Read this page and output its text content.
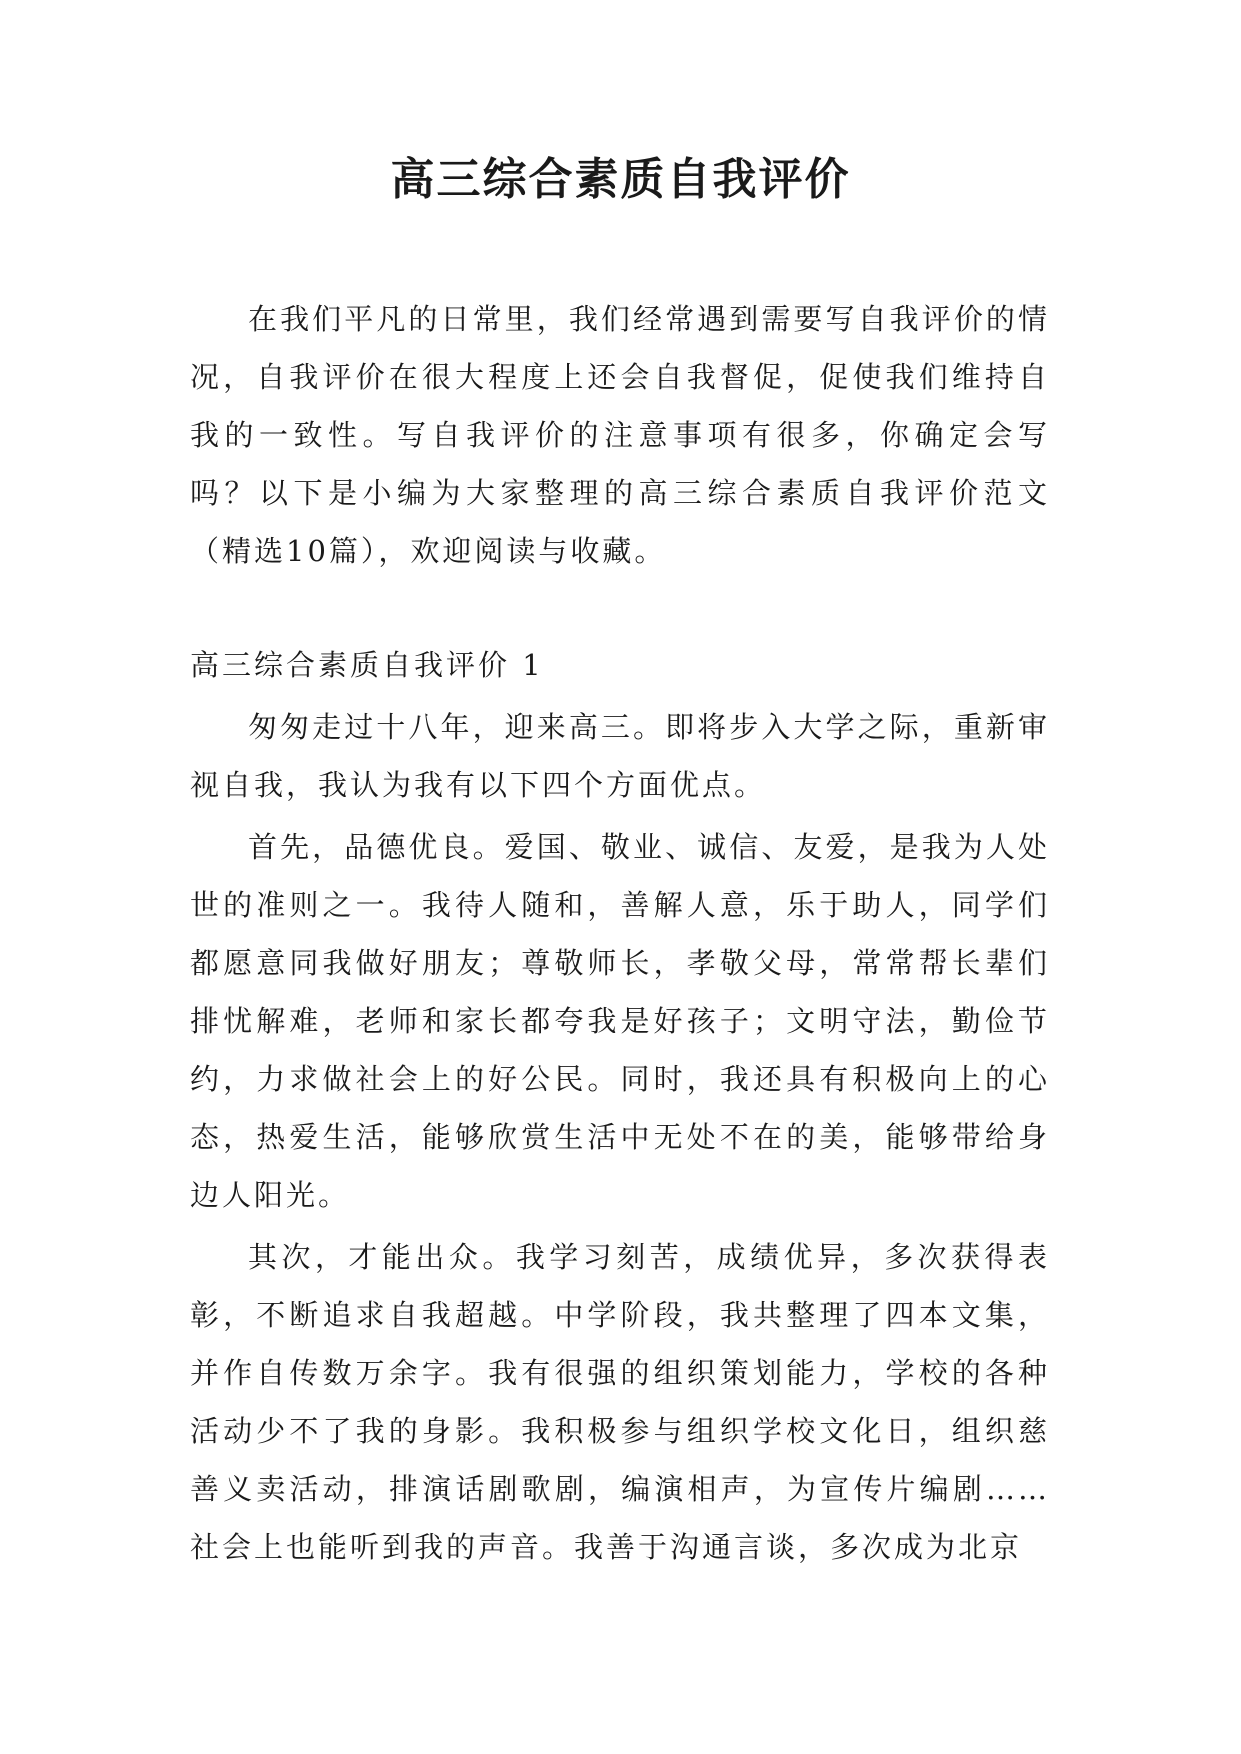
高三综合素质自我评价

在我们平凡的日常里，我们经常遇到需要写自我评价的情况，自我评价在很大程度上还会自我督促，促使我们维持自我的一致性。写自我评价的注意事项有很多，你确定会写吗？以下是小编为大家整理的高三综合素质自我评价范文（精选10篇），欢迎阅读与收藏。

高三综合素质自我评价 1

匆匆走过十八年，迎来高三。即将步入大学之际，重新审视自我，我认为我有以下四个方面优点。

首先，品德优良。爱国、敬业、诚信、友爱，是我为人处世的准则之一。我待人随和，善解人意，乐于助人，同学们都愿意同我做好朋友；尊敬师长，孝敬父母，常常帮长辈们排忧解难，老师和家长都夸我是好孩子；文明守法，勤俭节约，力求做社会上的好公民。同时，我还具有积极向上的心态，热爱生活，能够欣赏生活中无处不在的美，能够带给身边人阳光。

其次，才能出众。我学习刻苦，成绩优异，多次获得表彰，不断追求自我超越。中学阶段，我共整理了四本文集，并作自传数万余字。我有很强的组织策划能力，学校的各种活动少不了我的身影。我积极参与组织学校文化日，组织慈善义卖活动，排演话剧歌剧，编演相声，为宣传片编剧……社会上也能听到我的声音。我善于沟通言谈，多次成为北京
